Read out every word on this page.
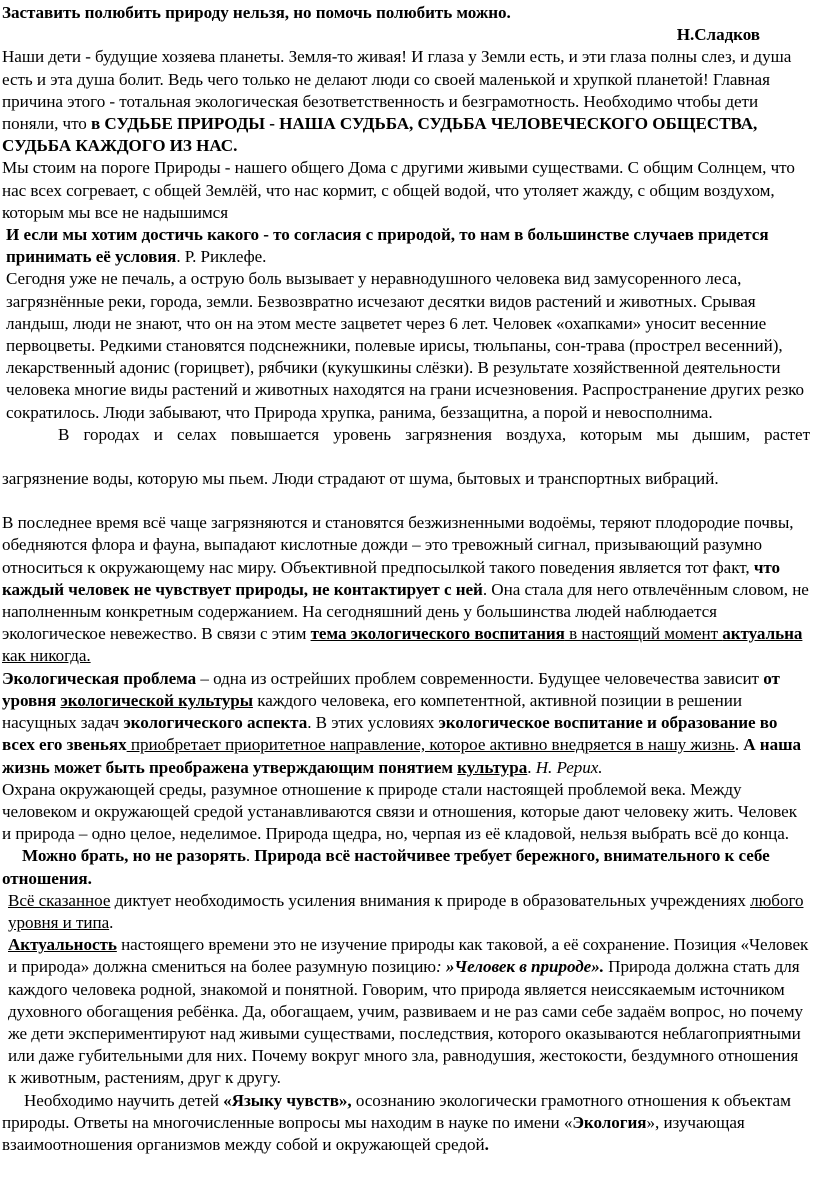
Заставить полюбить природу нельзя, но помочь полюбить можно.

Н.Сладков

Наши дети - будущие хозяева планеты. Земля-то живая! И глаза у Земли есть, и эти глаза полны слез, и душа есть и эта душа болит. Ведь чего только не делают люди со своей маленькой и хрупкой планетой! Главная причина этого - тотальная экологическая безответственность и безграмотность. Необходимо чтобы дети поняли, что в СУДЬБЕ ПРИРОДЫ - НАША СУДЬБА, СУДЬБА ЧЕЛОВЕЧЕСКОГО ОБЩЕСТВА, СУДЬБА КАЖДОГО ИЗ НАС.

Мы стоим на пороге Природы - нашего общего Дома с другими живыми существами. С общим Солнцем, что нас всех согревает, с общей Землёй, что нас кормит, с общей водой, что утоляет жажду, с общим воздухом, которым мы все не надышимся

И если мы хотим достичь какого - то согласия с природой, то нам в большинстве случаев придется принимать её условия. Р. Риклефе.

Сегодня уже не печаль, а острую боль вызывает у неравнодушного человека вид замусоренного леса, загрязнённые реки, города, земли. Безвозвратно исчезают десятки видов растений и животных. Срывая ландыш, люди не знают, что он на этом месте зацветет через 6 лет. Человек «охапками» уносит весенние первоцветы. Редкими становятся подснежники, полевые ирисы, тюльпаны, сон-трава (прострел весенний), лекарственный адонис (горицвет), рябчики (кукушкины слёзки). В результате хозяйственной деятельности человека многие виды растений и животных находятся на грани исчезновения. Распространение других резко сократилось. Люди забывают, что Природа хрупка, ранима, беззащитна, а порой и невосполнима.

В городах и селах повышается уровень загрязнения воздуха, которым мы дышим, растет

загрязнение воды, которую мы пьем. Люди страдают от шума, бытовых и транспортных вибраций.

В последнее время всё чаще загрязняются и становятся безжизненными водоёмы, теряют плодородие почвы, обедняются флора и фауна, выпадают кислотные дожди – это тревожный сигнал, призывающий разумно относиться к окружающему нас миру. Объективной предпосылкой такого поведения является тот факт, что каждый человек не чувствует природы, не контактирует с ней. Она стала для него отвлечённым словом, не наполненным конкретным содержанием. На сегодняшний день у большинства людей наблюдается экологическое невежество. В связи с этим тема экологического воспитания в настоящий момент актуальна как никогда.

Экологическая проблема – одна из острейших проблем современности. Будущее человечества зависит от уровня экологической культуры каждого человека, его компетентной, активной позиции в решении насущных задач экологического аспекта. В этих условиях экологическое воспитание и образование во всех его звеньях приобретает приоритетное направление, которое активно внедряется в нашу жизнь. А наша жизнь может быть преображена утверждающим понятием культура. Н. Рерих.

Охрана окружающей среды, разумное отношение к природе стали настоящей проблемой века. Между человеком и окружающей средой устанавливаются связи и отношения, которые дают человеку жить. Человек и природа – одно целое, неделимое. Природа щедра, но, черпая из её кладовой, нельзя выбрать всё до конца.

Можно брать, но не разорять. Природа всё настойчивее требует бережного, внимательного к себе отношения.

Всё сказанное диктует необходимость усиления внимания к природе в образовательных учреждениях любого уровня и типа.

Актуальность настоящего времени это не изучение природы как таковой, а её сохранение. Позиция «Человек и природа» должна смениться на более разумную позицию: »Человек в природе». Природа должна стать для каждого человека родной, знакомой и понятной. Говорим, что природа является неиссякаемым источником духовного обогащения ребёнка. Да, обогащаем, учим, развиваем и не раз сами себе задаём вопрос, но почему же дети экспериментируют над живыми существами, последствия, которого оказываются неблагоприятными или даже губительными для них. Почему вокруг много зла, равнодушия, жестокости, бездумного отношения к животным, растениям, друг к другу.

Необходимо научить детей «Языку чувств», осознанию экологически грамотного отношения к объектам природы. Ответы на многочисленные вопросы мы находим в науке по имени «Экология», изучающая взаимоотношения организмов между собой и окружающей средой.
